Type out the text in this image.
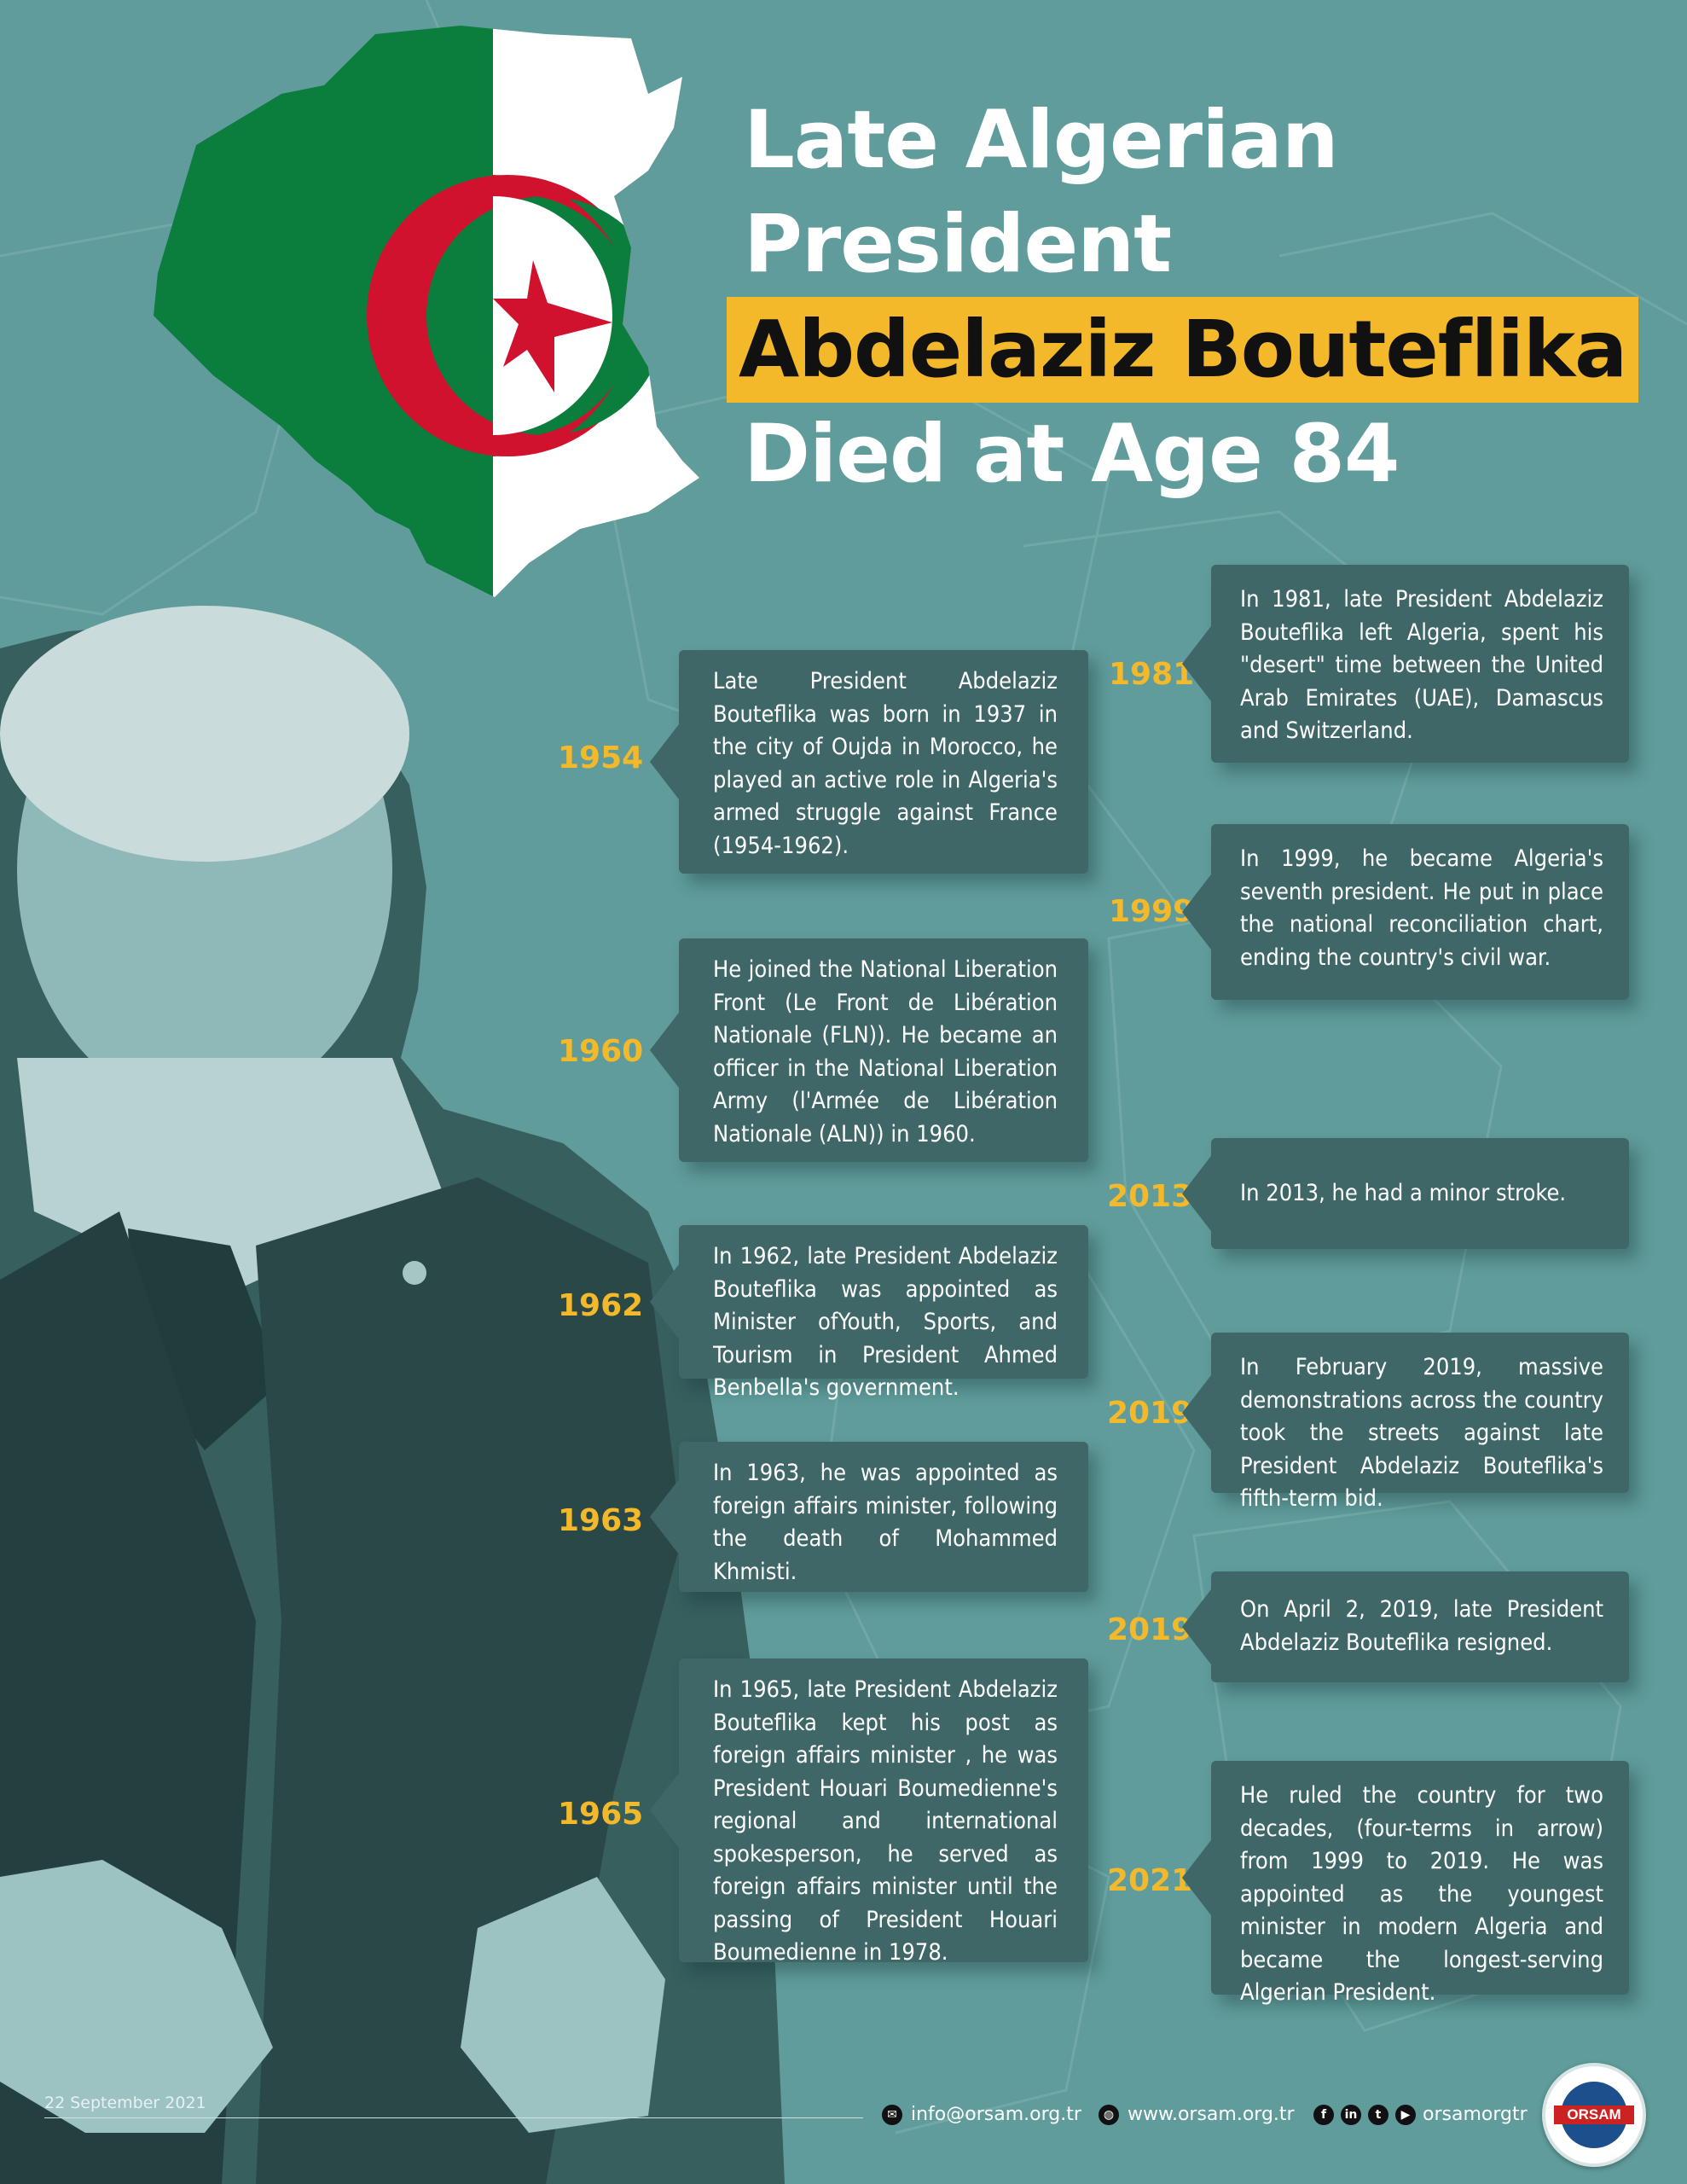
Late Algerian
President
Abdelaziz Bouteflika
Died at Age 84
1954
Late President Abdelaziz Bouteflika was born in 1937 in the city of Oujda in Morocco, he played an active role in Algeria's armed struggle against France (1954-1962).
1960
He joined the National Liberation Front (Le Front de Libération Nationale (FLN)). He became an officer in the National Liberation Army (l'Armée de Libération Nationale (ALN)) in 1960.
1962
In 1962, late President Abdelaziz Bouteflika was appointed as Minister ofYouth, Sports, and Tourism in President Ahmed Benbella's government.
1963
In 1963, he was appointed as foreign affairs minister, following the death of Mohammed Khmisti.
1965
In 1965, late President Abdelaziz Bouteflika kept his post as foreign affairs minister , he was President Houari Boumedienne's regional and international spokesperson, he served as foreign affairs minister until the passing of President Houari Boumedienne in 1978.
1981
In 1981, late President Abdelaziz Bouteflika left Algeria, spent his "desert" time between the United Arab Emirates (UAE), Damascus and Switzerland.
1999
In 1999, he became Algeria's seventh president. He put in place the national reconciliation chart, ending the country's civil war.
2013	In 2013, he had a minor stroke.
2019
In February 2019, massive demonstrations across the country took the streets against late President Abdelaziz Bouteflika's fifth-term bid.
2019
On April 2, 2019, late President Abdelaziz Bouteflika resigned.
2021
He ruled the country for two decades, (four-terms in arrow) from 1999 to 2019. He was appointed as the youngest minister in modern Algeria and became the longest-serving Algerian President.
22 September 2021
✉ info@orsam.org.tr	◍ www.orsam.org.tr	f	in	t	▶ orsamorgtr	ORSAM
